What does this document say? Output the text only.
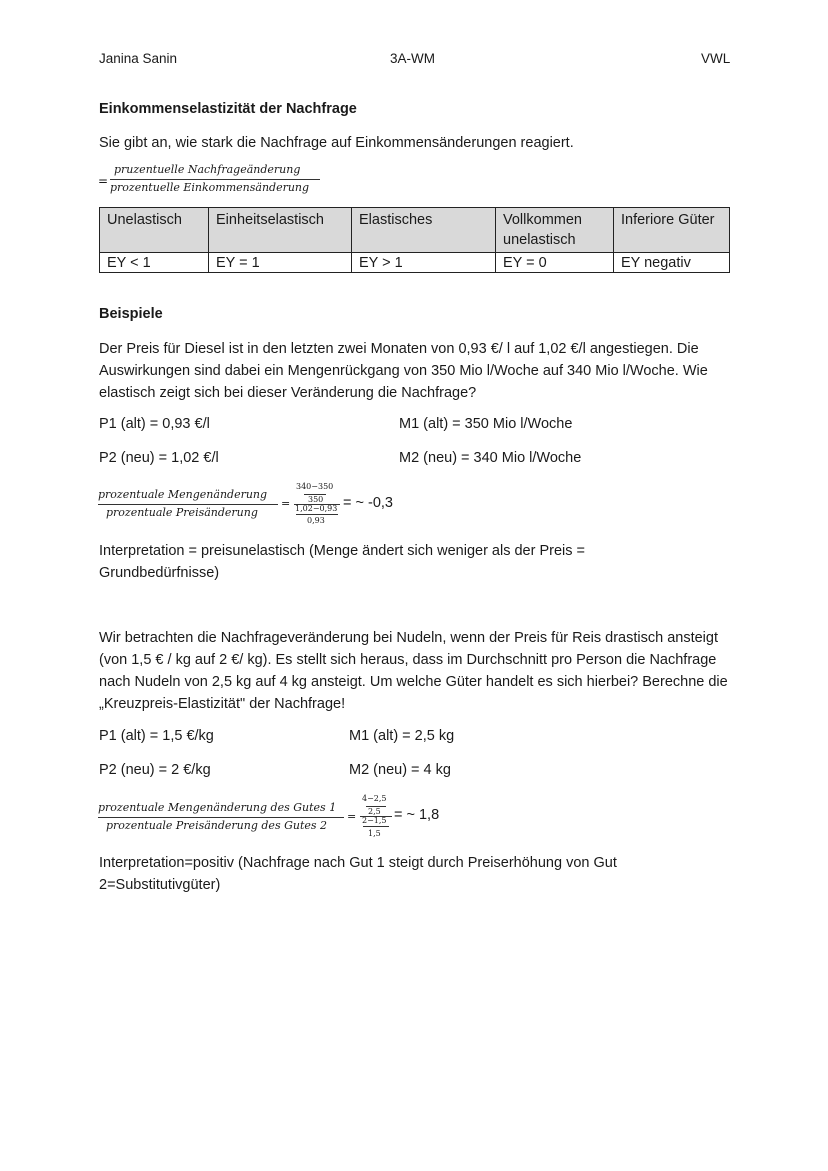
Janina Sanin	3A-WM	VWL
Einkommenselastizität der Nachfrage
Sie gibt an, wie stark die Nachfrage auf Einkommensänderungen reagiert.
=
pruzentuelle Nachfrageänderung
prozentuelle Einkommensänderung
Unelastisch	Einheitselastisch	Elastisches	Vollkommen unelastisch	Inferiore Güter
EY < 1	EY = 1	EY > 1	EY = 0	EY negativ
Beispiele
Der Preis für Diesel ist in den letzten zwei Monaten von 0,93 €/ l auf 1,02 €/l angestiegen. Die Auswirkungen sind dabei ein Mengenrückgang von 350 Mio l/Woche auf 340 Mio l/Woche. Wie elastisch zeigt sich bei dieser Veränderung die Nachfrage?
P1 (alt) = 0,93 €/l	M1 (alt) = 350 Mio l/Woche
P2 (neu) = 1,02 €/l	M2 (neu) = 340 Mio l/Woche
prozentuale Mengenänderung
prozentuale Preisänderung
=
340−350
350
1,02−0,93
0,93
= ~ -0,3
Interpretation = preisunelastisch (Menge ändert sich weniger als der Preis = Grundbedürfnisse)
Wir betrachten die Nachfrageveränderung bei Nudeln, wenn der Preis für Reis drastisch ansteigt (von 1,5 € / kg auf 2 €/ kg). Es stellt sich heraus, dass im Durchschnitt pro Person die Nachfrage nach Nudeln von 2,5 kg auf 4 kg ansteigt. Um welche Güter handelt es sich hierbei? Berechne die „Kreuzpreis-Elastizität" der Nachfrage!
P1 (alt) = 1,5 €/kg	M1 (alt) = 2,5 kg
P2 (neu) = 2 €/kg	M2 (neu) = 4 kg
prozentuale Mengenänderung des Gutes 1
prozentuale Preisänderung des Gutes 2
=
4−2,5
2,5
2−1,5
1,5
= ~ 1,8
Interpretation=positiv (Nachfrage nach Gut 1 steigt durch Preiserhöhung von Gut 2=Substitutivgüter)
